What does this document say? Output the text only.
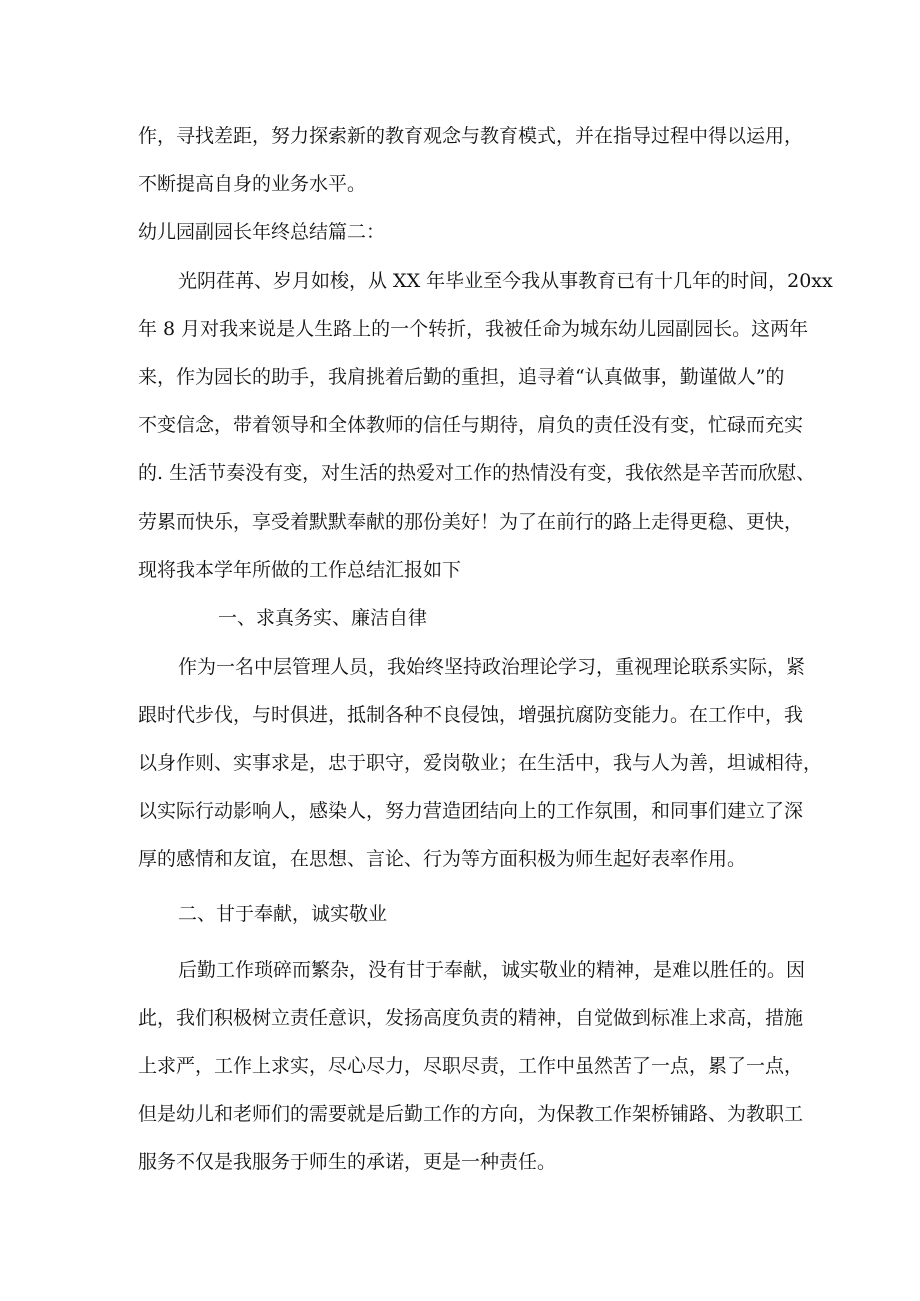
作，寻找差距，努力探索新的教育观念与教育模式，并在指导过程中得以运用，

不断提高自身的业务水平。

幼儿园副园长年终总结篇二：

光阴荏苒、岁月如梭，从 XX 年毕业至今我从事教育已有十几年的时间，20xx

年 8 月对我来说是人生路上的一个转折，我被任命为城东幼儿园副园长。这两年

来，作为园长的助手，我肩挑着后勤的重担，追寻着“认真做事，勤谨做人”的

不变信念，带着领导和全体教师的信任与期待，肩负的责任没有变，忙碌而充实

的. 生活节奏没有变，对生活的热爱对工作的热情没有变，我依然是辛苦而欣慰、

劳累而快乐，享受着默默奉献的那份美好！为了在前行的路上走得更稳、更快，

现将我本学年所做的工作总结汇报如下

一、求真务实、廉洁自律

作为一名中层管理人员，我始终坚持政治理论学习，重视理论联系实际，紧

跟时代步伐，与时俱进，抵制各种不良侵蚀，增强抗腐防变能力。在工作中，我

以身作则、实事求是，忠于职守，爱岗敬业；在生活中，我与人为善，坦诚相待，

以实际行动影响人，感染人，努力营造团结向上的工作氛围，和同事们建立了深

厚的感情和友谊，在思想、言论、行为等方面积极为师生起好表率作用。

二、甘于奉献，诚实敬业

后勤工作琐碎而繁杂，没有甘于奉献，诚实敬业的精神，是难以胜任的。因

此，我们积极树立责任意识，发扬高度负责的精神，自觉做到标准上求高，措施

上求严，工作上求实，尽心尽力，尽职尽责，工作中虽然苦了一点，累了一点，

但是幼儿和老师们的需要就是后勤工作的方向，为保教工作架桥铺路、为教职工

服务不仅是我服务于师生的承诺，更是一种责任。
